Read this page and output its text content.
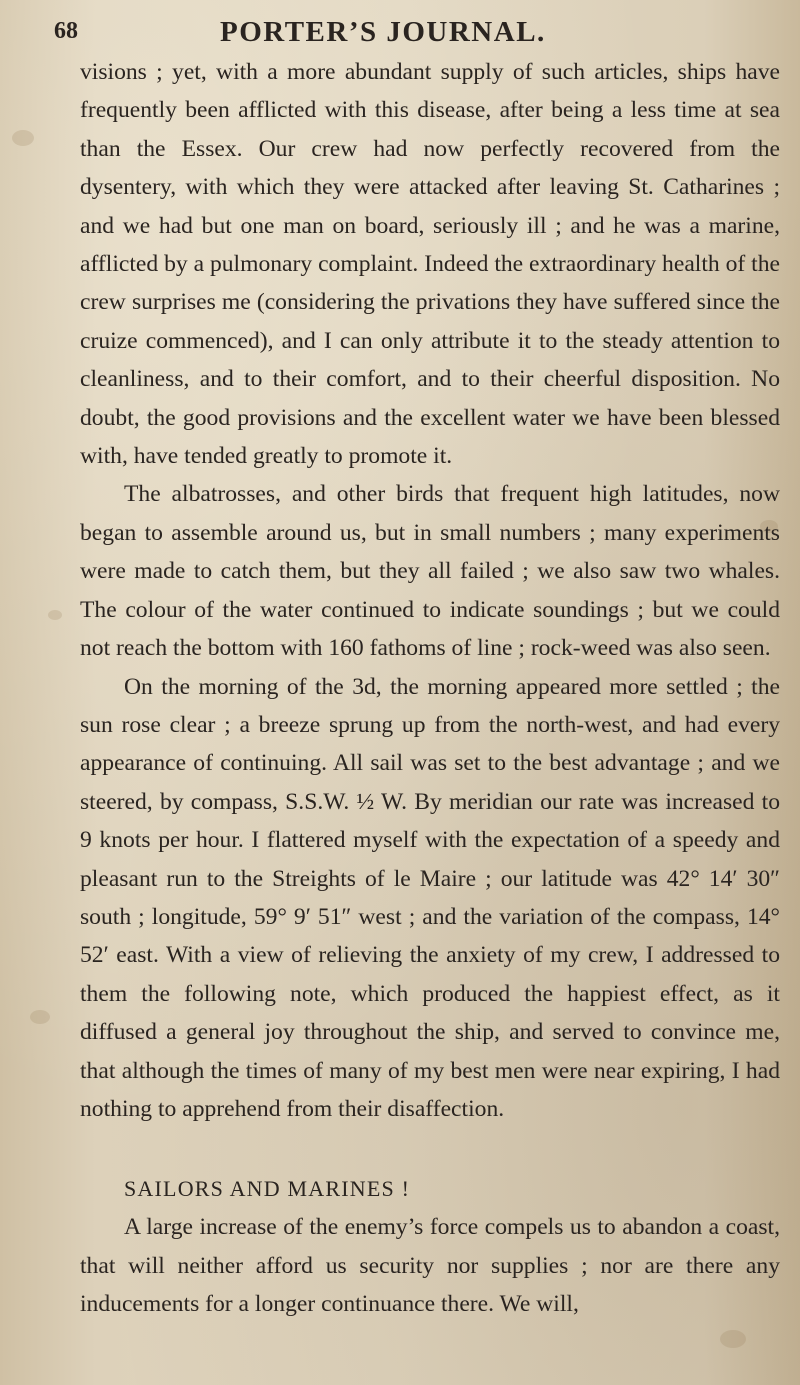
68	PORTER’S JOURNAL.

visions ; yet, with a more abundant supply of such articles, ships have frequently been afflicted with this disease, after being a less time at sea than the Essex. Our crew had now perfectly recovered from the dysentery, with which they were attacked after leaving St. Catharines ; and we had but one man on board, seriously ill ; and he was a marine, afflicted by a pulmonary complaint. Indeed the extraordinary health of the crew surprises me (considering the privations they have suffered since the cruize commenced), and I can only attribute it to the steady attention to cleanliness, and to their comfort, and to their cheerful disposition. No doubt, the good provisions and the excellent water we have been blessed with, have tended greatly to promote it.

The albatrosses, and other birds that frequent high latitudes, now began to assemble around us, but in small numbers ; many experiments were made to catch them, but they all failed ; we also saw two whales. The colour of the water continued to indicate soundings ; but we could not reach the bottom with 160 fathoms of line ; rock-weed was also seen.

On the morning of the 3d, the morning appeared more settled ; the sun rose clear ; a breeze sprung up from the north-west, and had every appearance of continuing. All sail was set to the best advantage ; and we steered, by compass, S.S.W. ½ W. By meridian our rate was increased to 9 knots per hour. I flattered myself with the expectation of a speedy and pleasant run to the Streights of le Maire ; our latitude was 42° 14′ 30″ south ; longitude, 59° 9′ 51″ west ; and the variation of the compass, 14° 52′ east. With a view of relieving the anxiety of my crew, I addressed to them the following note, which produced the happiest effect, as it diffused a general joy throughout the ship, and served to convince me, that although the times of many of my best men were near expiring, I had nothing to apprehend from their disaffection.

SAILORS AND MARINES !

A large increase of the enemy’s force compels us to abandon a coast, that will neither afford us security nor supplies ; nor are there any inducements for a longer continuance there. We will,
